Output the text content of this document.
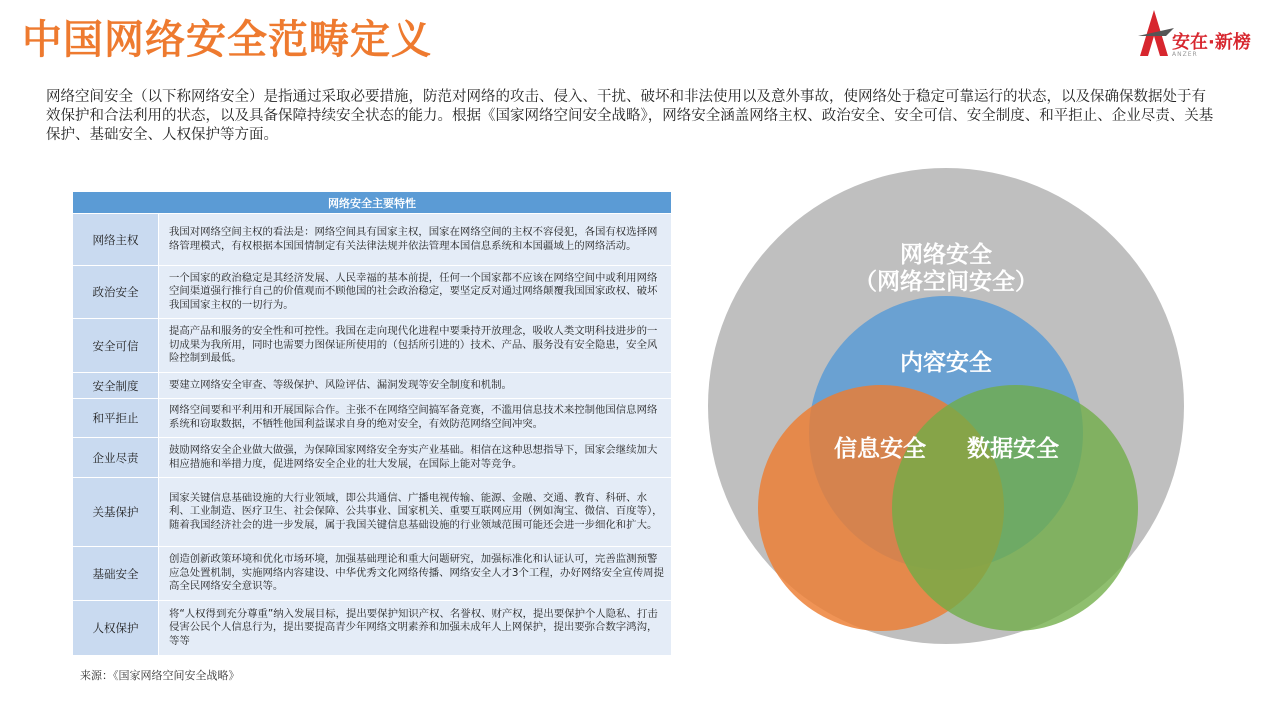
中国网络安全范畴定义	安在·新榜
ANZER
网络空间安全（以下称网络安全）是指通过采取必要措施，防范对网络的攻击、侵入、干扰、破坏和非法使用以及意外事故，使网络处于稳定可靠运行的状态，以及保确保数据处于有效保护和合法利用的状态，以及具备保障持续安全状态的能力。根据《国家网络空间安全战略》，网络安全涵盖网络主权、政治安全、安全可信、安全制度、和平拒止、企业尽责、关基保护、基础安全、人权保护等方面。
网络安全主要特性	
网络主权	我国对网络空间主权的看法是：网络空间具有国家主权，国家在网络空间的主权不容侵犯，各国有权选择网络管理模式，有权根据本国国情制定有关法律法规并依法管理本国信息系统和本国疆域上的网络活动。
政治安全	一个国家的政治稳定是其经济发展、人民幸福的基本前提，任何一个国家都不应该在网络空间中或利用网络空间渠道强行推行自己的价值观而不顾他国的社会政治稳定，要坚定反对通过网络颠覆我国国家政权、破坏我国国家主权的一切行为。
安全可信	提高产品和服务的安全性和可控性。我国在走向现代化进程中要秉持开放理念，吸收人类文明科技进步的一切成果为我所用，同时也需要力图保证所使用的（包括所引进的）技术、产品、服务没有安全隐患，安全风险控制到最低。
安全制度	要建立网络安全审查、等级保护、风险评估、漏洞发现等安全制度和机制。
和平拒止	网络空间要和平利用和开展国际合作。主张不在网络空间搞军备竞赛，不滥用信息技术来控制他国信息网络系统和窃取数据，不牺牲他国利益谋求自身的绝对安全，有效防范网络空间冲突。
企业尽责	鼓励网络安全企业做大做强，为保障国家网络安全夯实产业基础。相信在这种思想指导下，国家会继续加大相应措施和举措力度，促进网络安全企业的壮大发展，在国际上能对等竞争。
关基保护	国家关键信息基础设施的大行业领域，即公共通信、广播电视传输、能源、金融、交通、教育、科研、水利、工业制造、医疗卫生、社会保障、公共事业、国家机关、重要互联网应用（例如淘宝、微信、百度等），随着我国经济社会的进一步发展，属于我国关键信息基础设施的行业领域范围可能还会进一步细化和扩大。
基础安全	创造创新政策环境和优化市场环境，加强基础理论和重大问题研究，加强标准化和认证认可，完善监测预警应急处置机制，实施网络内容建设、中华优秀文化网络传播、网络安全人才3个工程，办好网络安全宣传周提高全民网络安全意识等。
人权保护	将“人权得到充分尊重”纳入发展目标，提出要保护知识产权、名誉权、财产权，提出要保护个人隐私、打击侵害公民个人信息行为，提出要提高青少年网络文明素养和加强未成年人上网保护，提出要弥合数字鸿沟，等等
来源：《国家网络空间安全战略》
网络安全
（网络空间安全）
内容安全
信息安全 数据安全
